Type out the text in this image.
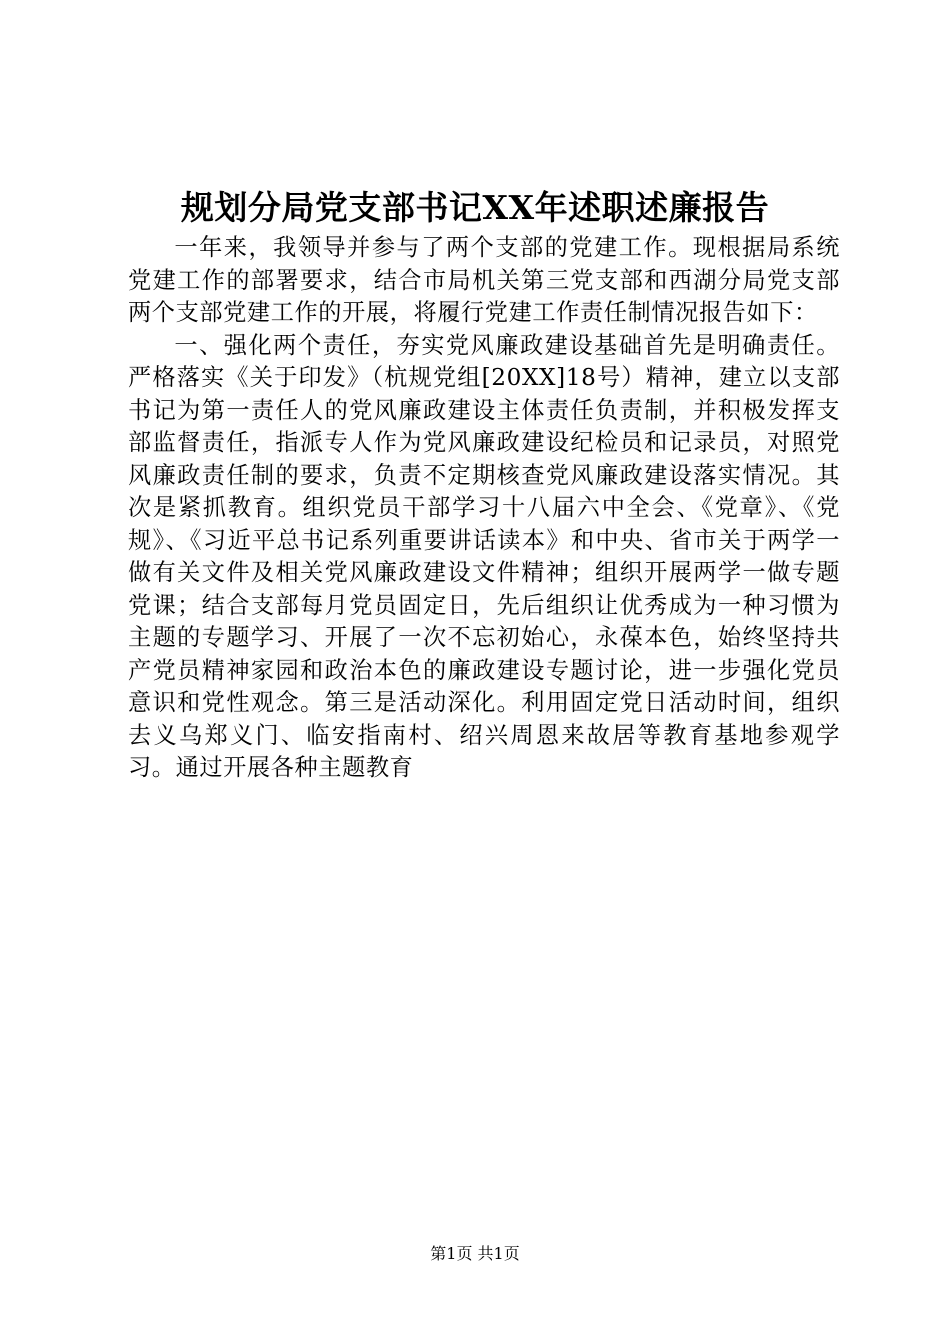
规划分局党支部书记XX年述职述廉报告

一年来，我领导并参与了两个支部的党建工作。现根据局系统党建工作的部署要求，结合市局机关第三党支部和西湖分局党支部两个支部党建工作的开展，将履行党建工作责任制情况报告如下：

一、强化两个责任，夯实党风廉政建设基础首先是明确责任。严格落实《关于印发》（杭规党组[20XX]18号）精神，建立以支部书记为第一责任人的党风廉政建设主体责任负责制，并积极发挥支部监督责任，指派专人作为党风廉政建设纪检员和记录员，对照党风廉政责任制的要求，负责不定期核查党风廉政建设落实情况。其次是紧抓教育。组织党员干部学习十八届六中全会、《党章》、《党规》、《习近平总书记系列重要讲话读本》和中央、省市关于两学一做有关文件及相关党风廉政建设文件精神；组织开展两学一做专题党课；结合支部每月党员固定日，先后组织让优秀成为一种习惯为主题的专题学习、开展了一次不忘初始心，永葆本色，始终坚持共产党员精神家园和政治本色的廉政建设专题讨论，进一步强化党员意识和党性观念。第三是活动深化。利用固定党日活动时间，组织去义乌郑义门、临安指南村、绍兴周恩来故居等教育基地参观学习。通过开展各种主题教育

第1页 共1页
